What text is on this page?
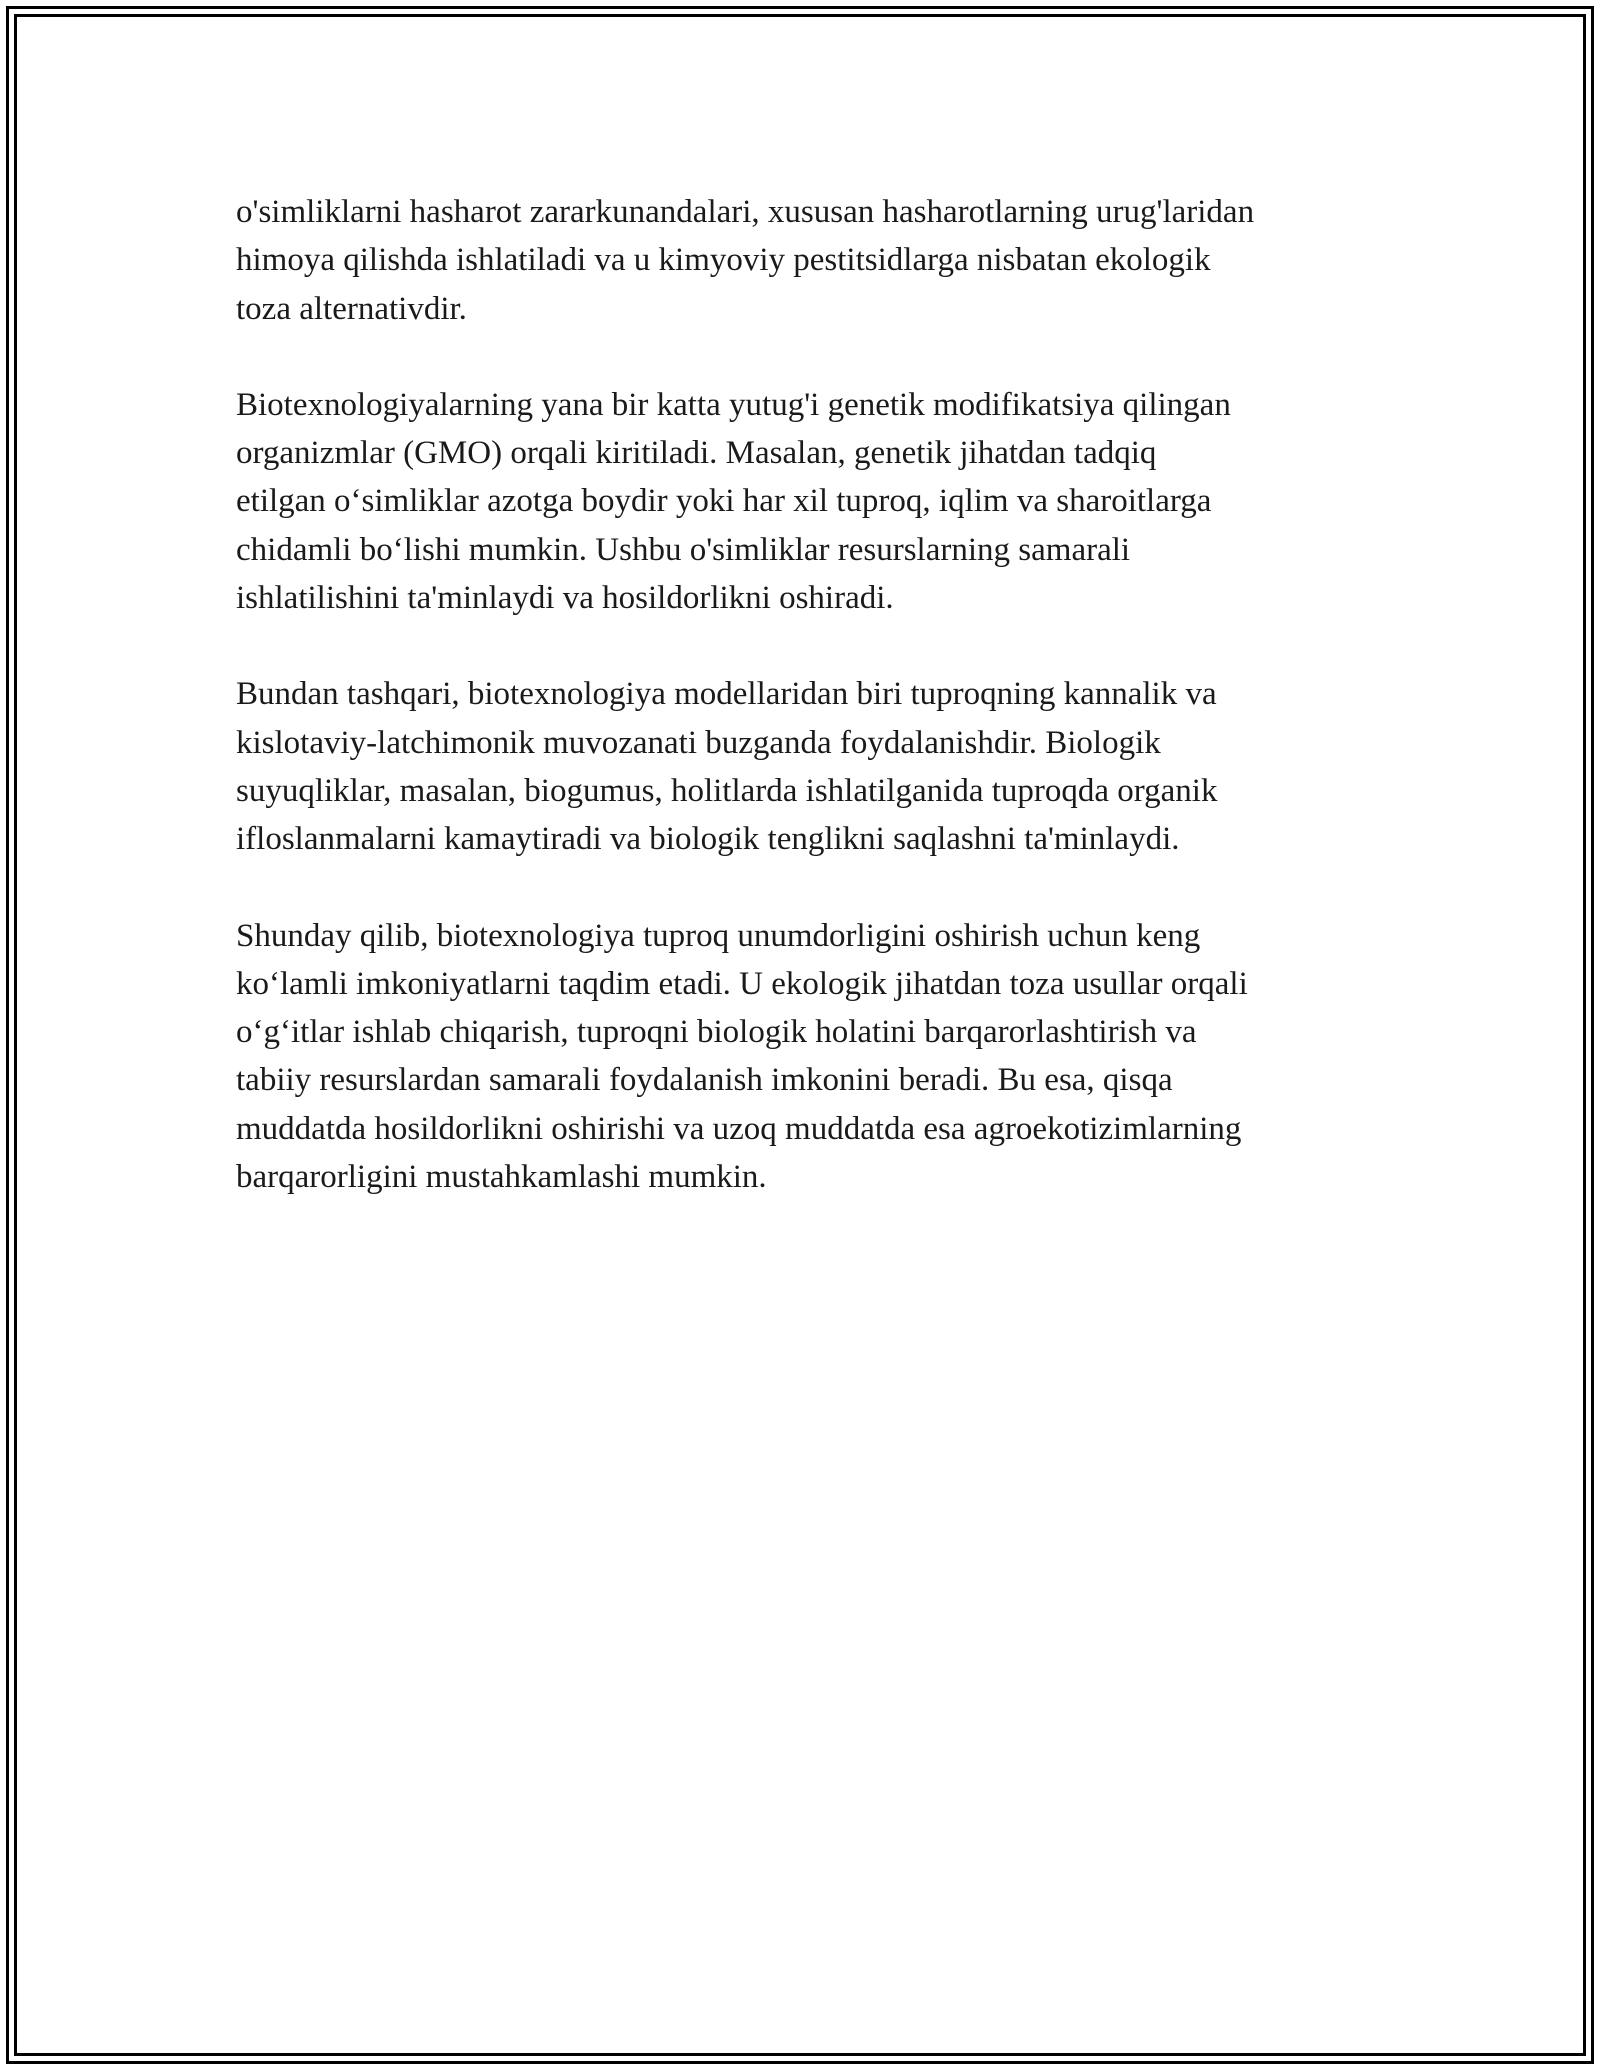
o'simliklarni hasharot zararkunandalari, xususan hasharotlarning urug'laridan
himoya qilishda ishlatiladi va u kimyoviy pestitsidlarga nisbatan ekologik
toza alternativdir.

Biotexnologiyalarning yana bir katta yutug'i genetik modifikatsiya qilingan
organizmlar (GMO) orqali kiritiladi. Masalan, genetik jihatdan tadqiq
etilgan o‘simliklar azotga boydir yoki har xil tuproq, iqlim va sharoitlarga
chidamli bo‘lishi mumkin. Ushbu o'simliklar resurslarning samarali
ishlatilishini ta'minlaydi va hosildorlikni oshiradi.

Bundan tashqari, biotexnologiya modellaridan biri tuproqning kannalik va
kislotaviy-latchimonik muvozanati buzganda foydalanishdir. Biologik
suyuqliklar, masalan, biogumus, holitlarda ishlatilganida tuproqda organik
ifloslanmalarni kamaytiradi va biologik tenglikni saqlashni ta'minlaydi.

Shunday qilib, biotexnologiya tuproq unumdorligini oshirish uchun keng
ko‘lamli imkoniyatlarni taqdim etadi. U ekologik jihatdan toza usullar orqali
o‘g‘itlar ishlab chiqarish, tuproqni biologik holatini barqarorlashtirish va
tabiiy resurslardan samarali foydalanish imkonini beradi. Bu esa, qisqa
muddatda hosildorlikni oshirishi va uzoq muddatda esa agroekotizimlarning
barqarorligini mustahkamlashi mumkin.
